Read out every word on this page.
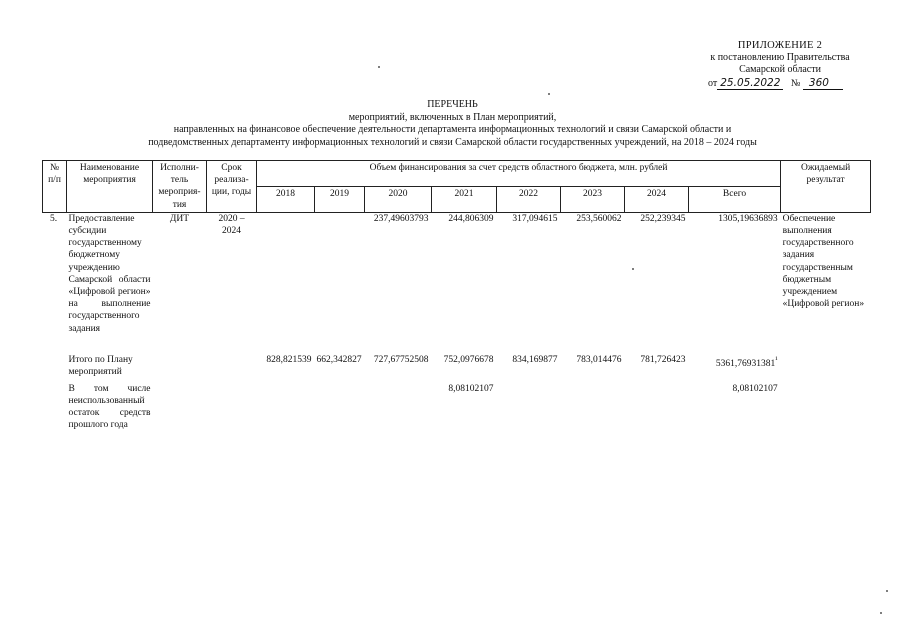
ПРИЛОЖЕНИЕ 2
к постановлению Правительства
Самарской области
от 25.05.2022 № 360
ПЕРЕЧЕНЬ
мероприятий, включенных в План мероприятий,
направленных на финансовое обеспечение деятельности департамента информационных технологий и связи Самарской области и
подведомственных департаменту информационных технологий и связи Самарской области государственных учреждений, на 2018 – 2024 годы
№ п/п	Наименование мероприятия	Исполни-тель мероприя-тия	Срок реализа-ции, годы	Объем финансирования за счет средств областного бюджета, млн. рублей								Ожидаемый результат
				2018	2019	2020	2021	2022	2023	2024	Всего	
5.	Предоставление субсидии государственному бюджетному учреждению Самарской области «Цифровой регион» на выполнение государственного задания	ДИТ	2020 – 2024			237,49603793	244,806309	317,094615	253,560062	252,239345	1305,19636893	Обеспечение выполнения государственного задания государственным бюджетным учреждением «Цифровой регион»
	Итого по Плану мероприятий			828,821539	662,342827	727,67752508	752,0976678	834,169877	783,014476	781,726423	$5361,76931381^{^1}$	
	В том числе неиспользованный остаток средств прошлого года						8,08102107				8,08102107	
